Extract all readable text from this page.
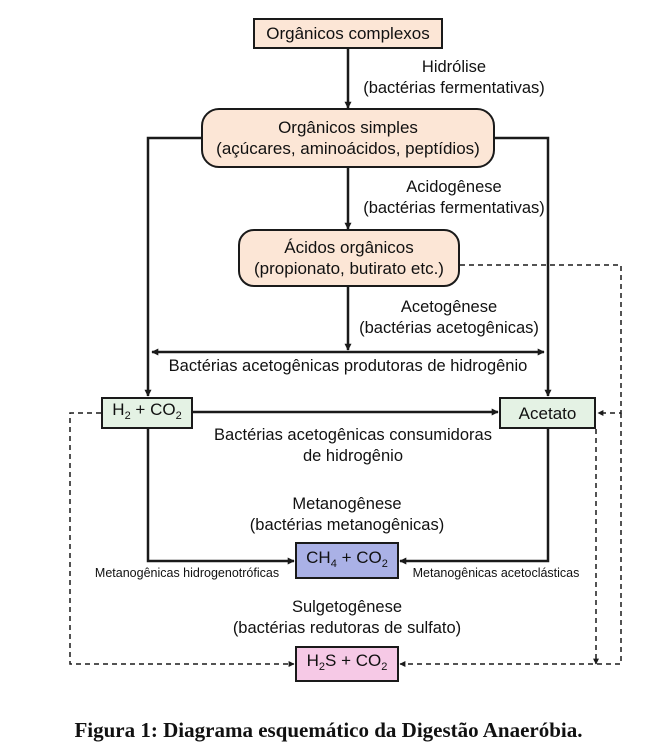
Orgânicos complexos
Orgânicos simples
(açúcares, aminoácidos, peptídios)
Ácidos orgânicos
(propionato, butirato etc.)
$H_2 + CO_2$	Acetato
$CH_4 + CO_2$
$H_2S + CO_2$
Hidrólise
(bactérias fermentativas)
Acidogênese
(bactérias fermentativas)
Acetogênese
(bactérias acetogênicas)
Bactérias acetogênicas produtoras de hidrogênio
Bactérias acetogênicas consumidoras
de hidrogênio
Metanogênese
(bactérias metanogênicas)
Metanogênicas hidrogenotróficas	Metanogênicas acetoclásticas
Sulgetogênese
(bactérias redutoras de sulfato)
Figura 1: Diagrama esquemático da Digestão Anaeróbia.
